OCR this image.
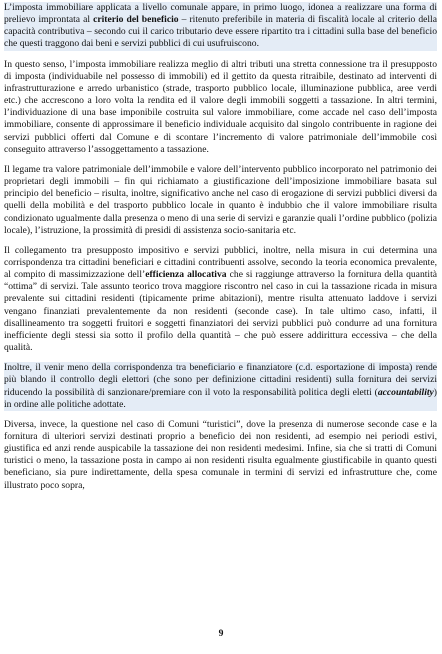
L’imposta immobiliare applicata a livello comunale appare, in primo luogo, idonea a realizzare una forma di prelievo improntata al criterio del beneficio – ritenuto preferibile in materia di fiscalità locale al criterio della capacità contributiva – secondo cui il carico tributario deve essere ripartito tra i cittadini sulla base del beneficio che questi traggono dai beni e servizi pubblici di cui usufruiscono.

In questo senso, l’imposta immobiliare realizza meglio di altri tributi una stretta connessione tra il presupposto di imposta (individuabile nel possesso di immobili) ed il gettito da questa ritraibile, destinato ad interventi di infrastrutturazione e arredo urbanistico (strade, trasporto pubblico locale, illuminazione pubblica, aree verdi etc.) che accrescono a loro volta la rendita ed il valore degli immobili soggetti a tassazione. In altri termini, l’individuazione di una base imponibile costruita sul valore immobiliare, come accade nel caso dell’imposta immobiliare, consente di approssimare il beneficio individuale acquisito dal singolo contribuente in ragione dei servizi pubblici offerti dal Comune e di scontare l’incremento di valore patrimoniale dell’immobile così conseguito attraverso l’assoggettamento a tassazione.

Il legame tra valore patrimoniale dell’immobile e valore dell’intervento pubblico incorporato nel patrimonio dei proprietari degli immobili – fin qui richiamato a giustificazione dell’imposizione immobiliare basata sul principio del beneficio – risulta, inoltre, significativo anche nel caso di erogazione di servizi pubblici diversi da quelli della mobilità e del trasporto pubblico locale in quanto è indubbio che il valore immobiliare risulta condizionato ugualmente dalla presenza o meno di una serie di servizi e garanzie quali l’ordine pubblico (polizia locale), l’istruzione, la prossimità di presidi di assistenza socio-sanitaria etc.

Il collegamento tra presupposto impositivo e servizi pubblici, inoltre, nella misura in cui determina una corrispondenza tra cittadini beneficiari e cittadini contribuenti assolve, secondo la teoria economica prevalente, al compito di massimizzazione dell’efficienza allocativa che si raggiunge attraverso la fornitura della quantità “ottima” di servizi. Tale assunto teorico trova maggiore riscontro nel caso in cui la tassazione ricada in misura prevalente sui cittadini residenti (tipicamente prime abitazioni), mentre risulta attenuato laddove i servizi vengano finanziati prevalentemente da non residenti (seconde case). In tale ultimo caso, infatti, il disallineamento tra soggetti fruitori e soggetti finanziatori dei servizi pubblici può condurre ad una fornitura inefficiente degli stessi sia sotto il profilo della quantità – che può essere addirittura eccessiva – che della qualità.

Inoltre, il venir meno della corrispondenza tra beneficiario e finanziatore (c.d. esportazione di imposta) rende più blando il controllo degli elettori (che sono per definizione cittadini residenti) sulla fornitura dei servizi riducendo la possibilità di sanzionare/premiare con il voto la responsabilità politica degli eletti (accountability) in ordine alle politiche adottate.

Diversa, invece, la questione nel caso di Comuni “turistici”, dove la presenza di numerose seconde case e la fornitura di ulteriori servizi destinati proprio a beneficio dei non residenti, ad esempio nei periodi estivi, giustifica ed anzi rende auspicabile la tassazione dei non residenti medesimi. Infine, sia che si tratti di Comuni turistici o meno, la tassazione posta in campo ai non residenti risulta egualmente giustificabile in quanto questi beneficiano, sia pure indirettamente, della spesa comunale in termini di servizi ed infrastrutture che, come illustrato poco sopra,

9
